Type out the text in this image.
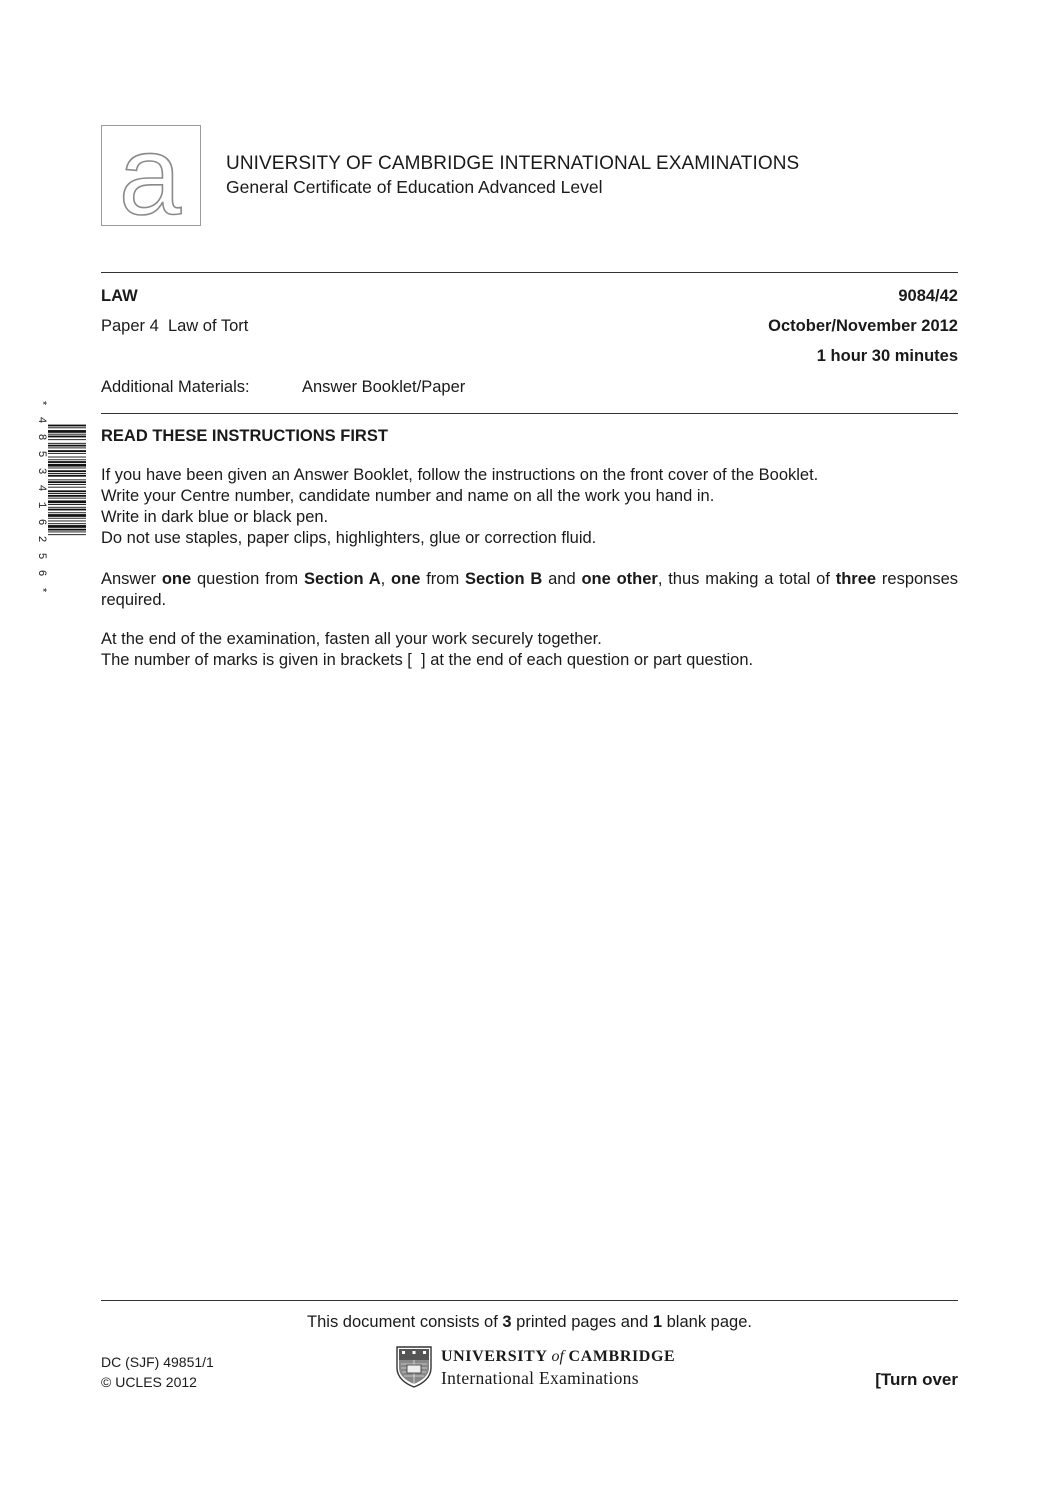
a UNIVERSITY OF CAMBRIDGE INTERNATIONAL EXAMINATIONS
General Certificate of Education Advanced Level
LAW	9084/42
Paper 4  Law of Tort	October/November 2012
1 hour 30 minutes
Additional Materials:	Answer Booklet/Paper
*
4
8
5
3
4
1
6
2
5
6
*
READ THESE INSTRUCTIONS FIRST
If you have been given an Answer Booklet, follow the instructions on the front cover of the Booklet.
Write your Centre number, candidate number and name on all the work you hand in.
Write in dark blue or black pen.
Do not use staples, paper clips, highlighters, glue or correction fluid.
Answer one question from Section A, one from Section B and one other, thus making a total of three responses required.
At the end of the examination, fasten all your work securely together.
The number of marks is given in brackets [  ] at the end of each question or part question.
This document consists of 3 printed pages and 1 blank page.
DC (SJF) 49851/1
© UCLES 2012
UNIVERSITY of CAMBRIDGE
International Examinations	[Turn over
